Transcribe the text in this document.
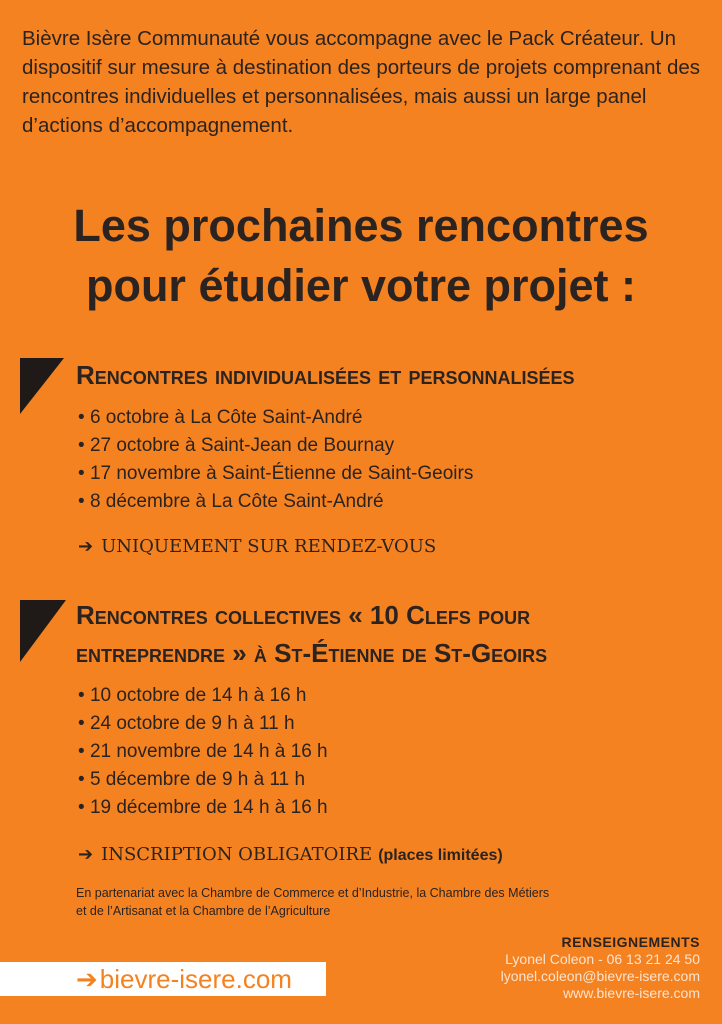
Bièvre Isère Communauté vous accompagne avec le Pack Créateur. Un dispositif sur mesure à destination des porteurs de projets comprenant des rencontres individuelles et personnalisées, mais aussi un large panel d’actions d’accompagnement.
Les prochaines rencontres
pour étudier votre projet :
Rencontres individualisées et personnalisées
• 6 octobre à La Côte Saint-André
• 27 octobre à Saint-Jean de Bournay
• 17 novembre à Saint-Étienne de Saint-Geoirs
• 8 décembre à La Côte Saint-André
➔ UNIQUEMENT SUR RENDEZ-VOUS
Rencontres collectives « 10 Clefs pour
entreprendre » à St-Étienne de St-Geoirs
• 10 octobre de 14 h à 16 h
• 24 octobre de 9 h à 11 h
• 21 novembre de 14 h à 16 h
• 5 décembre de 9 h à 11 h
• 19 décembre de 14 h à 16 h
➔ INSCRIPTION OBLIGATOIRE (places limitées)
En partenariat avec la Chambre de Commerce et d’Industrie, la Chambre des Métiers
et de l’Artisanat et la Chambre de l’Agriculture
RENSEIGNEMENTS
Lyonel Coleon - 06 13 21 24 50
lyonel.coleon@bievre-isere.com
www.bievre-isere.com
➔bievre-isere.com
